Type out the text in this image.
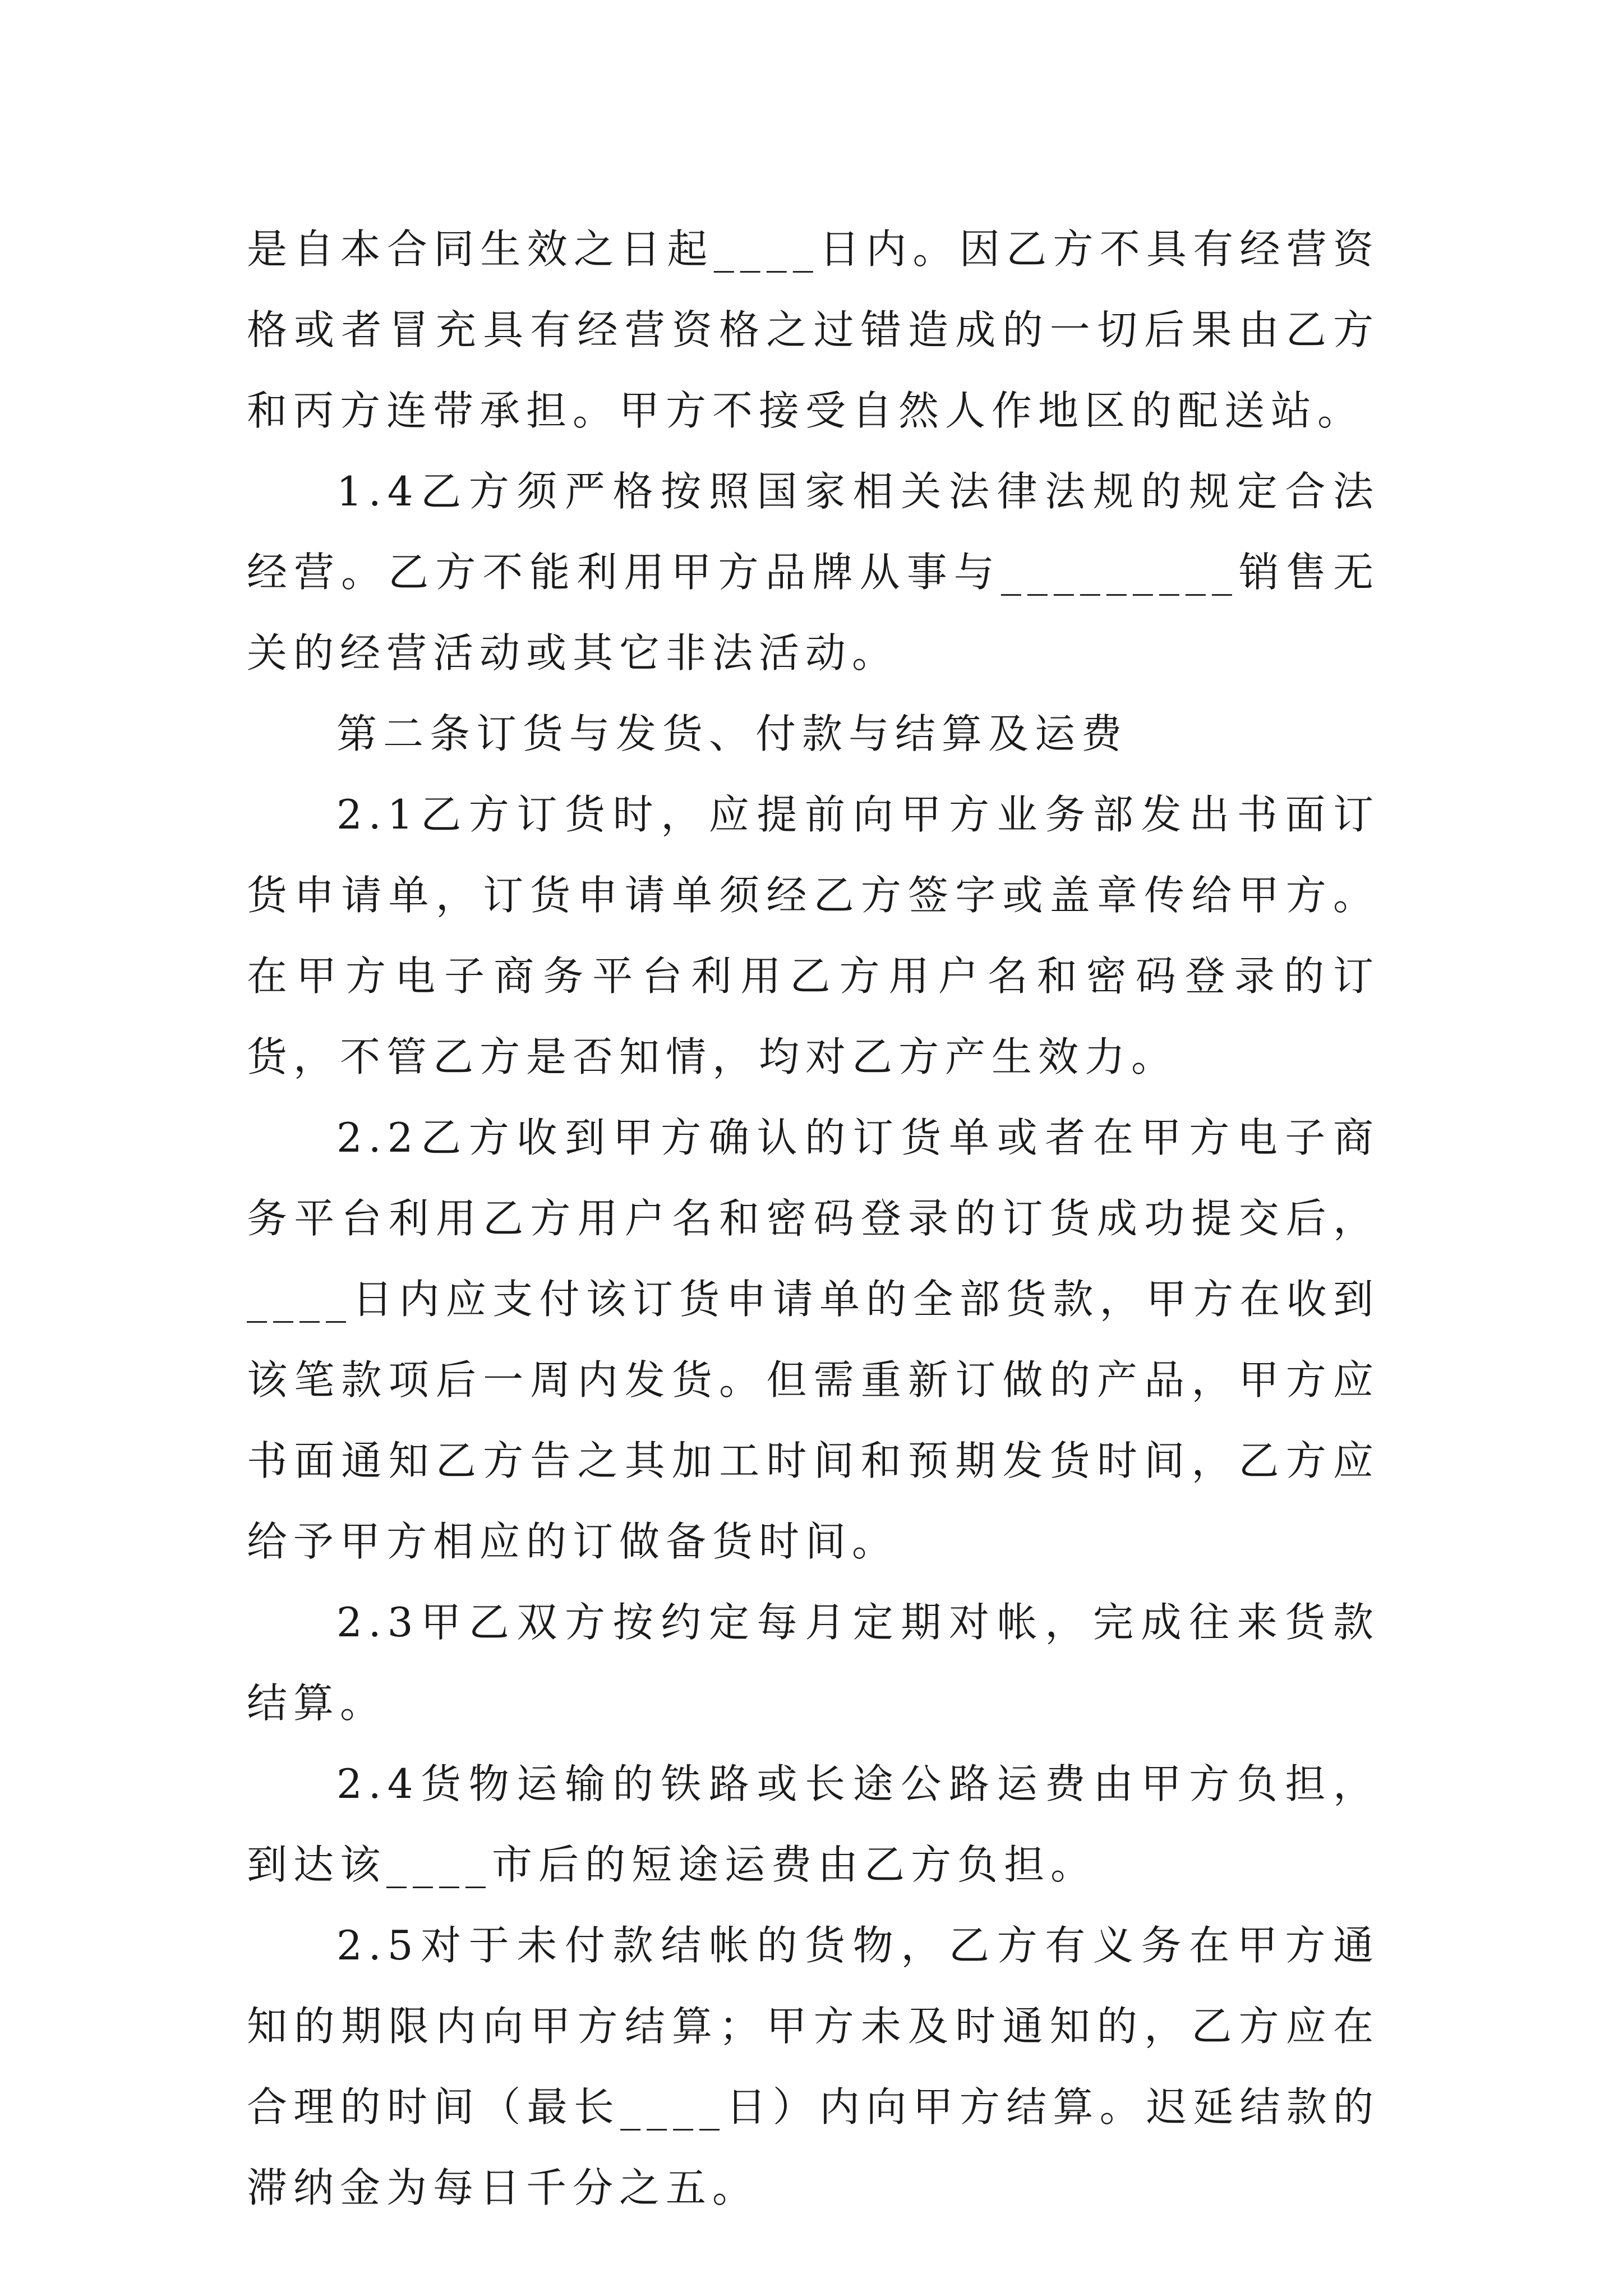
是自本合同生效之日起____日内。因乙方不具有经营资格或者冒充具有经营资格之过错造成的一切后果由乙方和丙方连带承担。甲方不接受自然人作地区的配送站。

1.4乙方须严格按照国家相关法律法规的规定合法经营。乙方不能利用甲方品牌从事与_________销售无关的经营活动或其它非法活动。

第二条订货与发货、付款与结算及运费

2.1乙方订货时，应提前向甲方业务部发出书面订货申请单，订货申请单须经乙方签字或盖章传给甲方。在甲方电子商务平台利用乙方用户名和密码登录的订货，不管乙方是否知情，均对乙方产生效力。

2.2乙方收到甲方确认的订货单或者在甲方电子商务平台利用乙方用户名和密码登录的订货成功提交后，____日内应支付该订货申请单的全部货款，甲方在收到该笔款项后一周内发货。但需重新订做的产品，甲方应书面通知乙方告之其加工时间和预期发货时间，乙方应给予甲方相应的订做备货时间。

2.3甲乙双方按约定每月定期对帐，完成往来货款结算。

2.4货物运输的铁路或长途公路运费由甲方负担，到达该____市后的短途运费由乙方负担。

2.5对于未付款结帐的货物，乙方有义务在甲方通知的期限内向甲方结算；甲方未及时通知的，乙方应在合理的时间（最长____日）内向甲方结算。迟延结款的滞纳金为每日千分之五。
